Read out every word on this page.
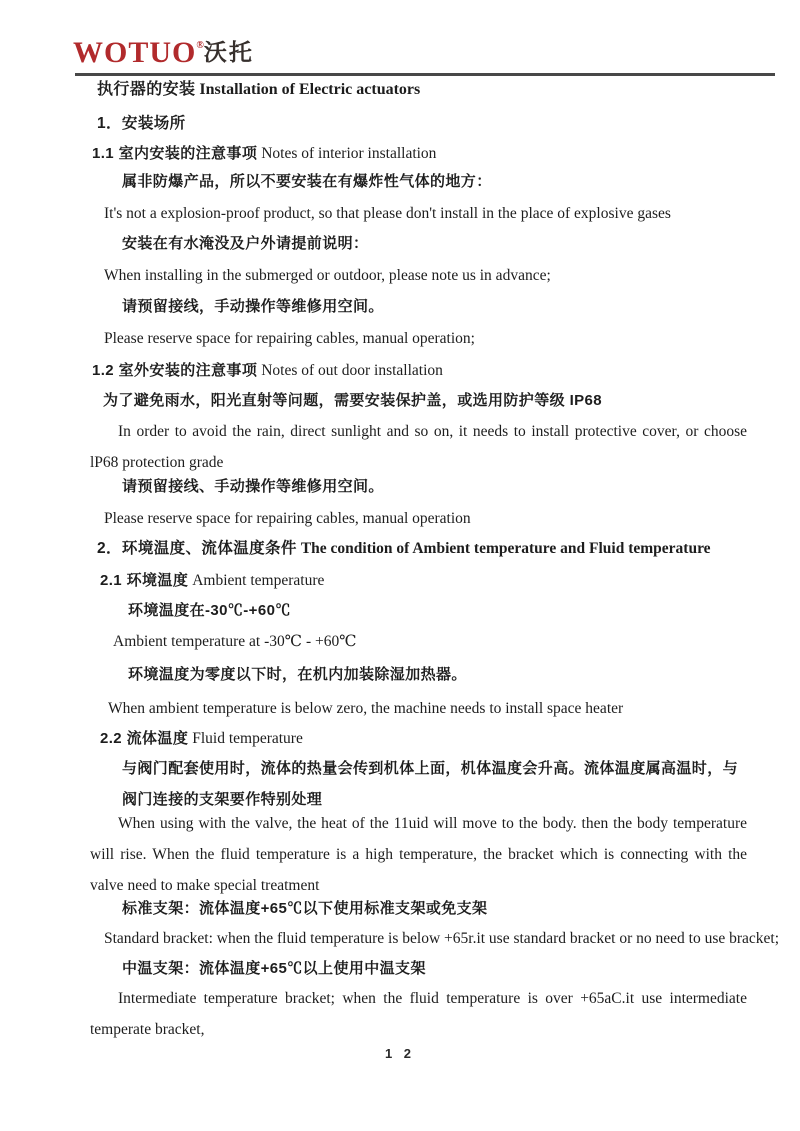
WOTUO®沃托
执行器的安装 Installation of Electric actuators
1．安装场所
1.1 室内安装的注意事项 Notes of interior installation
属非防爆产品，所以不要安装在有爆炸性气体的地方：
It's not a explosion-proof product, so that please don't install in the place of explosive gases
安装在有水淹没及户外请提前说明：
When installing in the submerged or outdoor, please note us in advance;
请预留接线，手动操作等维修用空间。
Please reserve space for repairing cables, manual operation;
1.2 室外安装的注意事项 Notes of out door installation
为了避免雨水，阳光直射等问题，需要安装保护盖，或选用防护等级 IP68
In order to avoid the rain, direct sunlight and so on, it needs to install protective cover, or choose lP68 protection grade
请预留接线、手动操作等维修用空间。
Please reserve space for repairing cables, manual operation
2．环境温度、流体温度条件 The condition of Ambient temperature and Fluid temperature
2.1 环境温度 Ambient temperature
环境温度在-30℃-+60℃
Ambient temperature at -30℃ - +60℃
环境温度为零度以下时，在机内加装除湿加热器。
When ambient temperature is below zero, the machine needs to install space heater
2.2 流体温度 Fluid temperature
与阀门配套使用时，流体的热量会传到机体上面，机体温度会升高。流体温度属高温时，与阀门连接的支架要作特别处理
When using with the valve, the heat of the 11uid will move to the body. then the body temperature will rise. When the fluid temperature is a high temperature, the bracket which is connecting with the valve need to make special treatment
标准支架：流体温度+65℃以下使用标准支架或免支架
Standard bracket: when the fluid temperature is below +65r.it use standard bracket or no need to use bracket;
中温支架：流体温度+65℃以上使用中温支架
Intermediate temperature bracket; when the fluid temperature is over +65aC.it use intermediate temperate bracket,
1 2
